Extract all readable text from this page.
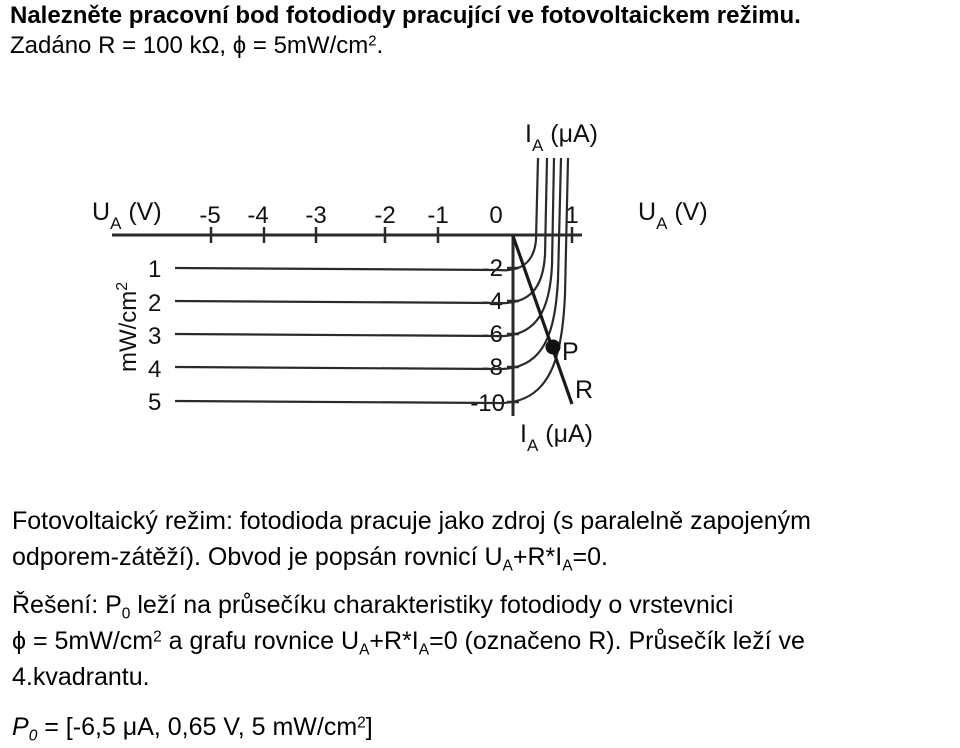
Nalezněte pracovní bod fotodiody pracující ve fotovoltaickem režimu.
Zadáno R = 100 kΩ, $\phi = 5mW/cm^2$.
$I_A$ (μA)
$I_A$ (μA)
$U_A$ (V)	$U_A$ (V)
-5 -4 -3 -2 -1 0	1
-2
-4
-6
-8
-10
$mW/cm^2$
1
2
3
4
5
P
R
Fotovoltaický režim: fotodioda pracuje jako zdroj (s paralelně zapojeným
odporem-zátěží). Obvod je popsán rovnicí $U_A+R*I_A=0$.
Řešení: $P_0$ leží na průsečíku charakteristiky fotodiody o vrstevnici
$\phi = 5mW/cm^2$ a grafu rovnice $U_A+R*I_A=0$ (označeno R). Průsečík leží ve
4.kvadrantu.
$P_0 = [-6,5$ μA, 0,65 V, 5 $mW/cm^2$]
